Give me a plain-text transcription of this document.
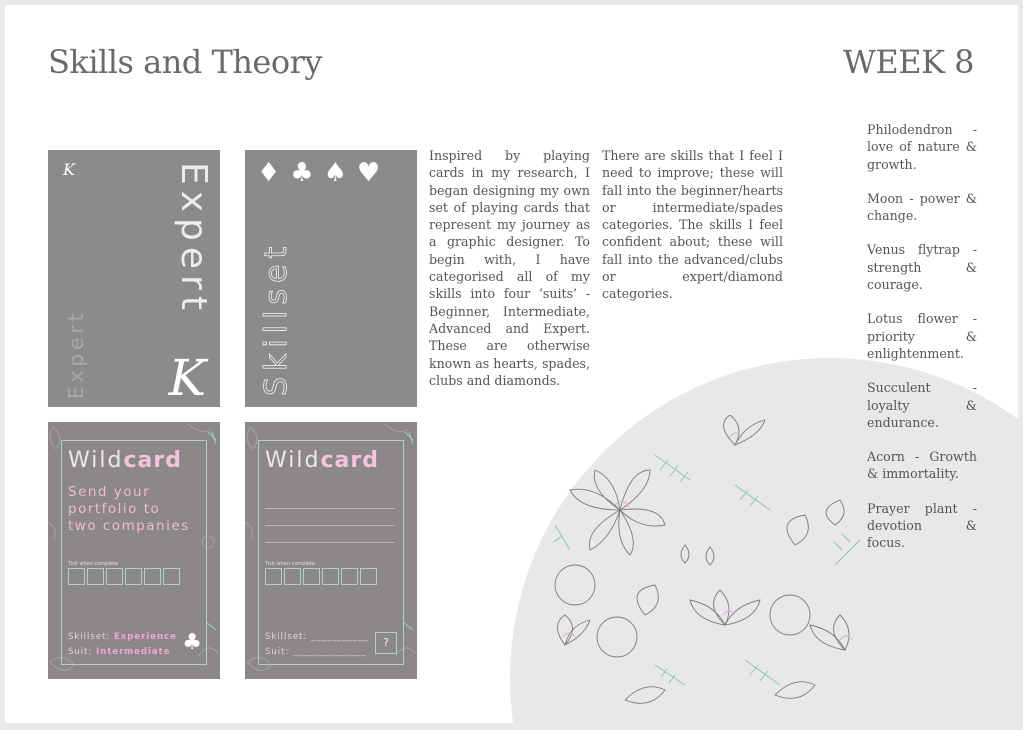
Skills and Theory	WEEK 8
K	Expert
Expert K
♦♣♠♥
Skillset
Wildcard
Send your
portfolio to
two companies
Tick when complete
Skillset: Experience
Suit: Intermediate ♣
Wildcard
Tick when complete
Skillset: ___________
Suit: ______________
?
Inspired by playing cards in my research, I began designing my own set of playing cards that represent my journey as a graphic designer. To begin with, I have categorised all of my skills into four ‘suits’ - Beginner, Intermediate, Advanced and Expert. These are otherwise known as hearts, spades, clubs and diamonds.
There are skills that I feel I need to improve; these will fall into the beginner/hearts or intermediate/spades categories. The skills I feel confident about; these will fall into the advanced/clubs or expert/diamond categories.
Philodendron - love of nature & growth.
Moon - power & change.
Venus flytrap - strength & courage.
Lotus flower - priority & enlightenment.
Succulent - loyalty & endurance.
Acorn - Growth & immortality.
Prayer plant - devotion & focus.
